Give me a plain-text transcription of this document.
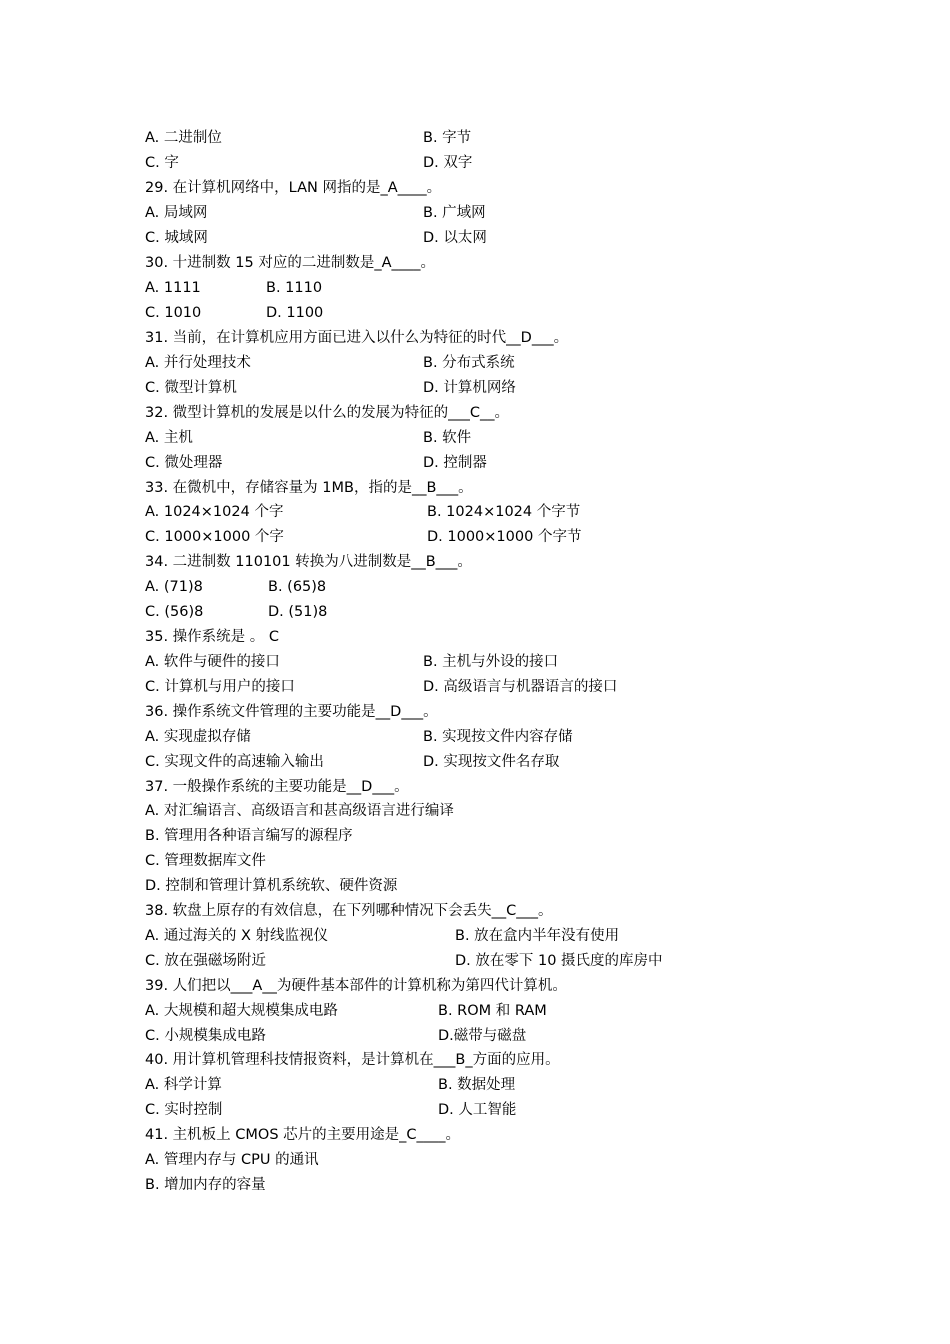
A. 二进制位	B. 字节
C. 字	D. 双字
29. 在计算机网络中，LAN 网指的是_A____。
A. 局域网	B. 广域网
C. 城域网	D. 以太网
30. 十进制数 15 对应的二进制数是_A____。
A. 1111	B. 1110
C. 1010	D. 1100
31. 当前，在计算机应用方面已进入以什么为特征的时代__D___。
A. 并行处理技术	B. 分布式系统
C. 微型计算机	D. 计算机网络
32. 微型计算机的发展是以什么的发展为特征的___C__。
A. 主机	B. 软件
C. 微处理器	D. 控制器
33. 在微机中，存储容量为 1MB，指的是__B___。
A. 1024×1024 个字	B. 1024×1024 个字节
C. 1000×1000 个字	D. 1000×1000 个字节
34. 二进制数 110101 转换为八进制数是__B___。
A. (71)8	B. (65)8
C. (56)8	D. (51)8
35. 操作系统是 。 C
A. 软件与硬件的接口	B. 主机与外设的接口
C. 计算机与用户的接口	D. 高级语言与机器语言的接口
36. 操作系统文件管理的主要功能是__D___。
A. 实现虚拟存储	B. 实现按文件内容存储
C. 实现文件的高速输入输出	D. 实现按文件名存取
37. 一般操作系统的主要功能是__D___。
A. 对汇编语言、高级语言和甚高级语言进行编译
B. 管理用各种语言编写的源程序
C. 管理数据库文件
D. 控制和管理计算机系统软、硬件资源
38. 软盘上原存的有效信息，在下列哪种情况下会丢失__C___。
A. 通过海关的 X 射线监视仪	B. 放在盒内半年没有使用
C. 放在强磁场附近	D. 放在零下 10 摄氏度的库房中
39. 人们把以___A__为硬件基本部件的计算机称为第四代计算机。
A. 大规模和超大规模集成电路	B. ROM 和 RAM
C. 小规模集成电路	D.磁带与磁盘
40. 用计算机管理科技情报资料，是计算机在___B_方面的应用。
A. 科学计算	B. 数据处理
C. 实时控制	D. 人工智能
41. 主机板上 CMOS 芯片的主要用途是_C____。
A. 管理内存与 CPU 的通讯
B. 增加内存的容量
